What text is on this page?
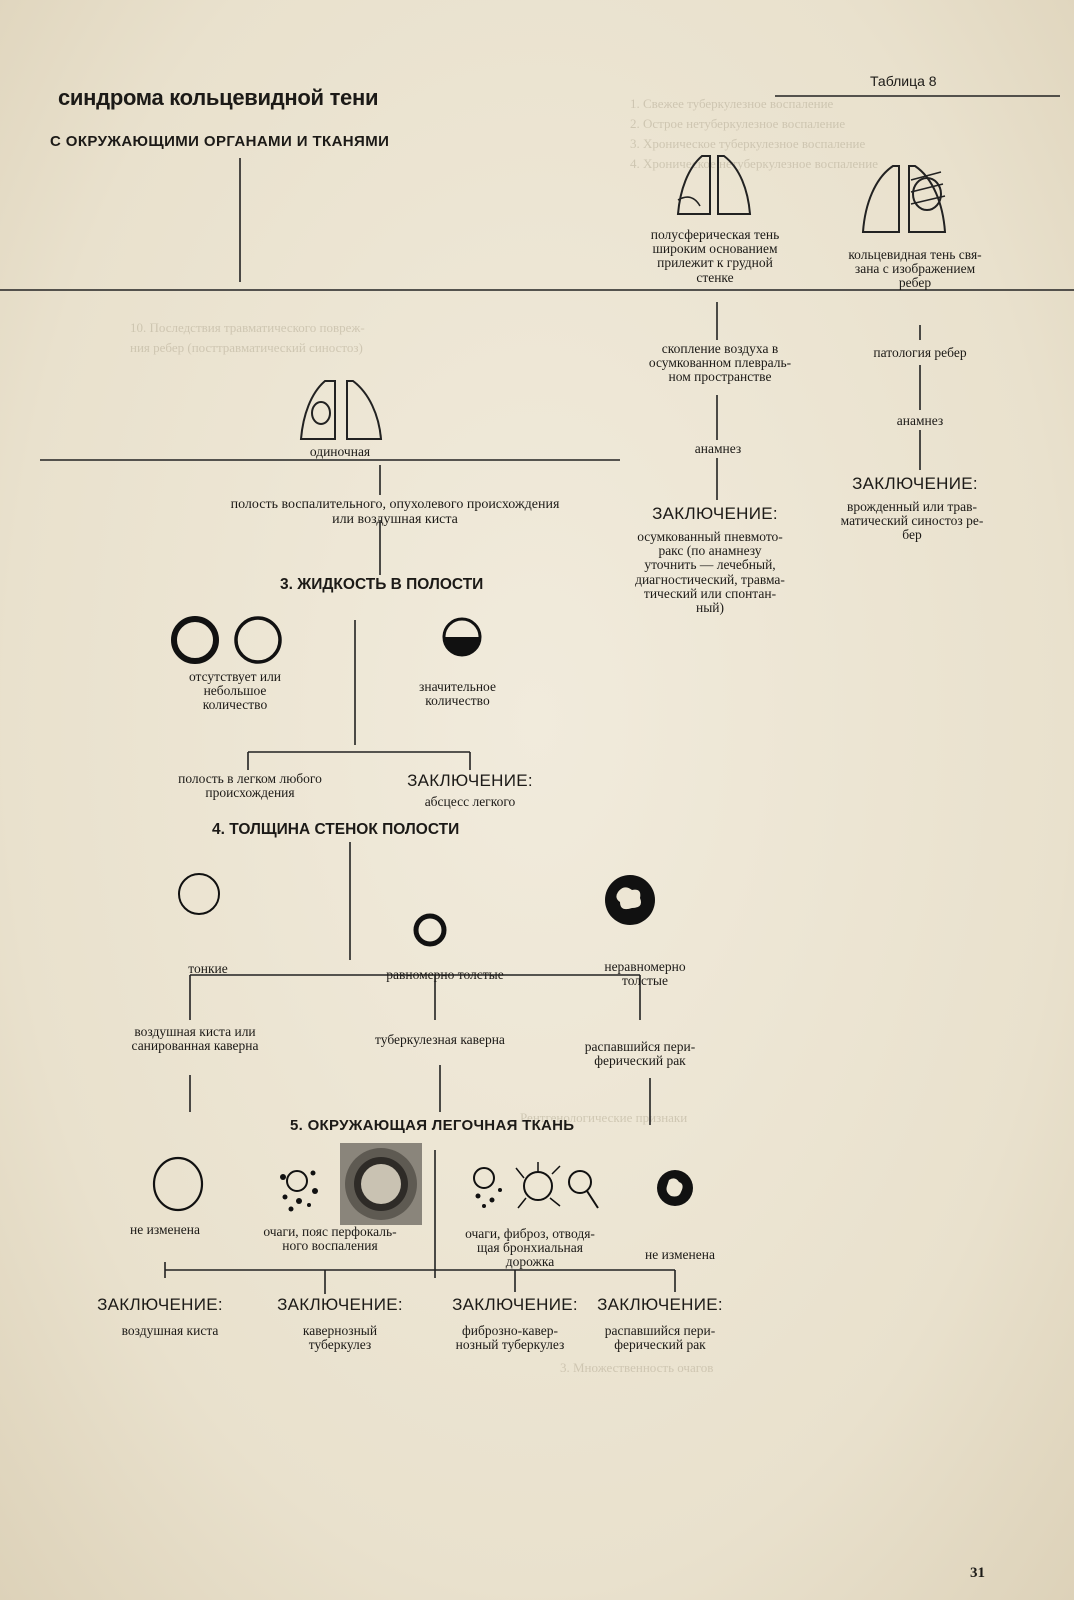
1. Свежее туберкулезное воспаление
2. Острое нетуберкулезное воспаление
3. Хроническое туберкулезное воспаление
4. Хроническое нетуберкулезное воспаление
10. Последствия травматического повреж-
ния ребер (посттравматический синостоз)
Рентгенологические признаки
3. Множественность очагов
Таблица 8
синдрома кольцевидной тени
С ОКРУЖАЮЩИМИ ОРГАНАМИ И ТКАНЯМИ
полусферическая тень
широким основанием
прилежит к грудной
стенке
кольцевидная тень свя-
зана с изображением
ребер
скопление воздуха в
осумкованном плевраль-
ном пространстве
патология ребер
анамнез
анамнез
ЗАКЛЮЧЕНИЕ:
врожденный или трав-
матический синостоз ре-
бер
ЗАКЛЮЧЕНИЕ:
осумкованный пневмото-
ракс (по анамнезу
уточнить — лечебный,
диагностический, травма-
тический или спонтан-
ный)
одиночная
полость воспалительного, опухолевого происхождения
или воздушная киста
3. ЖИДКОСТЬ В ПОЛОСТИ
отсутствует или
небольшое
количество
значительное
количество
полость в легком любого
происхождения
ЗАКЛЮЧЕНИЕ:
абсцесс легкого
4. ТОЛЩИНА СТЕНОК ПОЛОСТИ
тонкие	равномерно толстые
неравномерно
толстые
воздушная киста или
санированная каверна	туберкулезная каверна	распавшийся пери-
ферический рак
5. ОКРУЖАЮЩАЯ ЛЕГОЧНАЯ ТКАНЬ
не изменена	очаги, пояс перфокаль-
ного воспаления
очаги, фиброз, отводя-
щая бронхиальная
дорожка	не изменена
ЗАКЛЮЧЕНИЕ:
воздушная киста
ЗАКЛЮЧЕНИЕ:
кавернозный
туберкулез
ЗАКЛЮЧЕНИЕ:
фиброзно-кавер-
нозный туберкулез
ЗАКЛЮЧЕНИЕ:
распавшийся пери-
ферический рак
31
